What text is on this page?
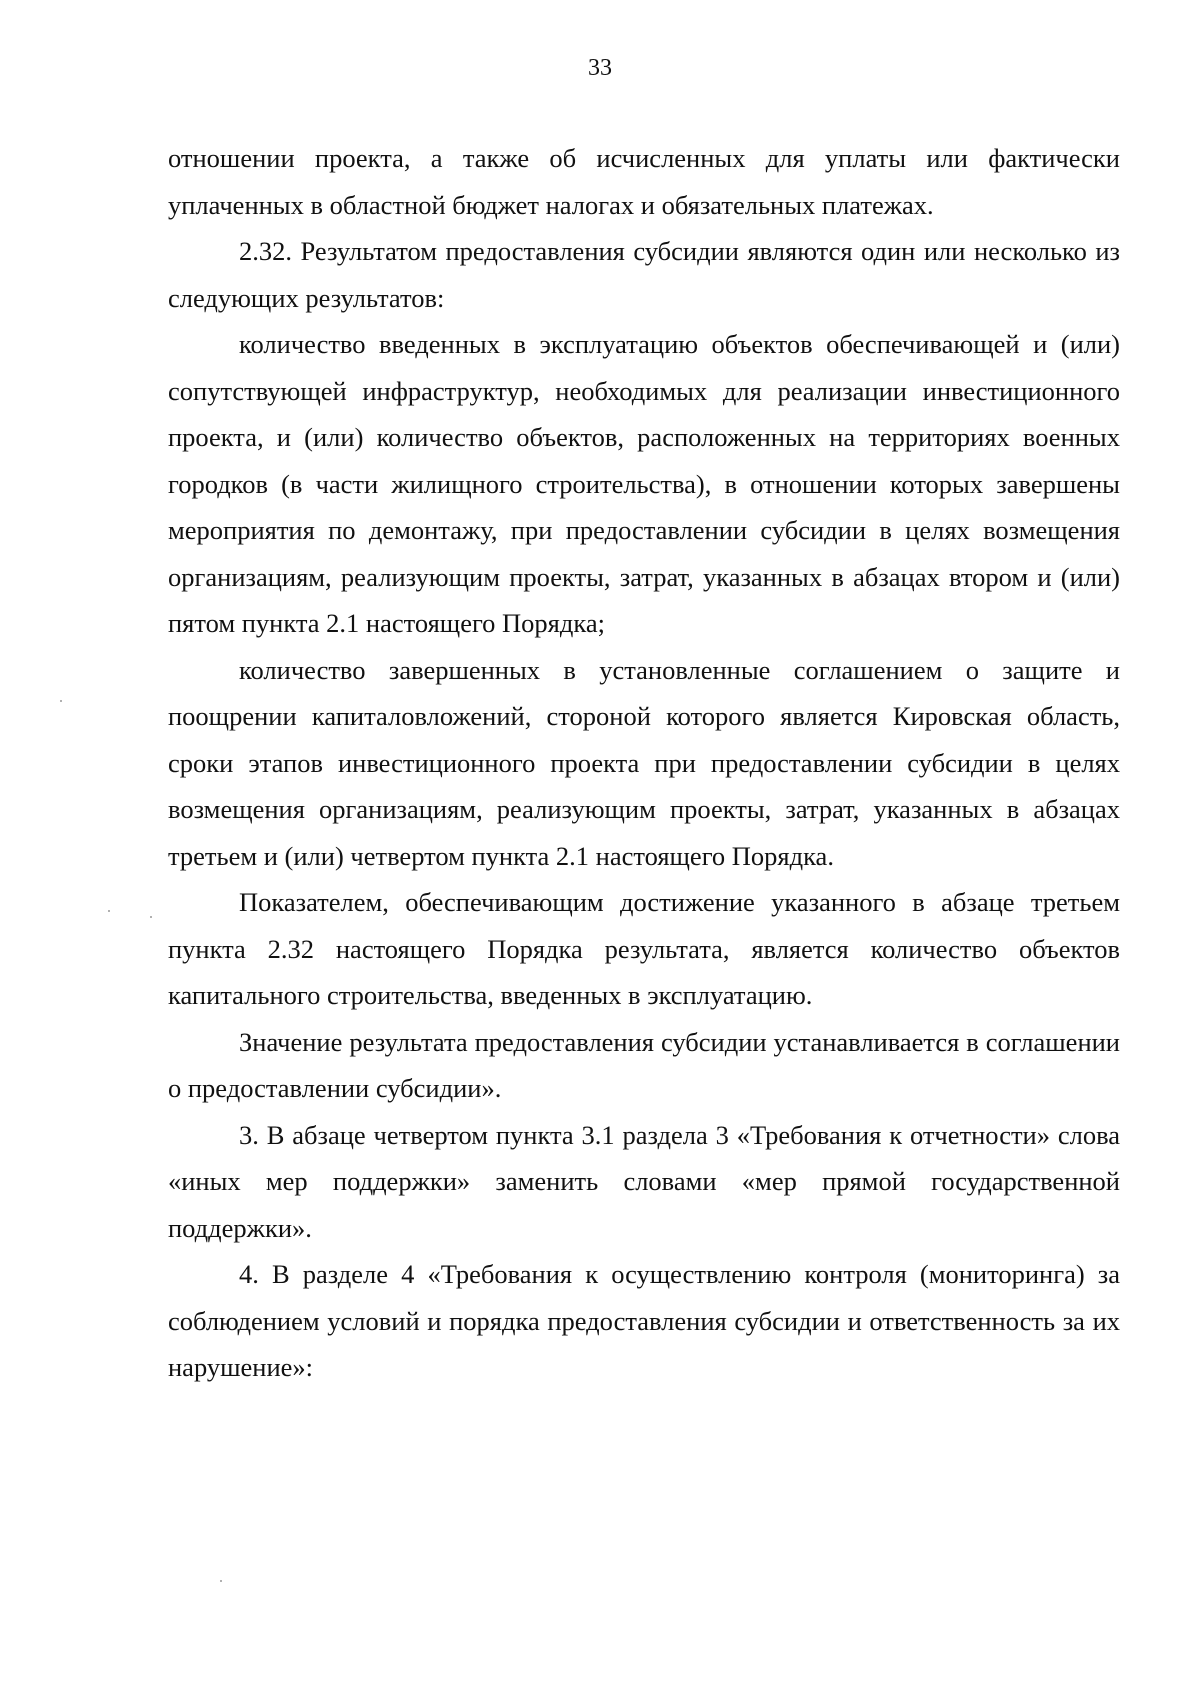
33

отношении проекта, а также об исчисленных для уплаты или фактически уплаченных в областной бюджет налогах и обязательных платежах.

2.32. Результатом предоставления субсидии являются один или несколько из следующих результатов:

количество введенных в эксплуатацию объектов обеспечивающей и (или) сопутствующей инфраструктур, необходимых для реализации инвестиционного проекта, и (или) количество объектов, расположенных на территориях военных городков (в части жилищного строительства), в отношении которых завершены мероприятия по демонтажу, при предоставлении субсидии в целях возмещения организациям, реализующим проекты, затрат, указанных в абзацах втором и (или) пятом пункта 2.1 настоящего Порядка;

количество завершенных в установленные соглашением о защите и поощрении капиталовложений, стороной которого является Кировская область, сроки этапов инвестиционного проекта при предоставлении субсидии в целях возмещения организациям, реализующим проекты, затрат, указанных в абзацах третьем и (или) четвертом пункта 2.1 настоящего Порядка.

Показателем, обеспечивающим достижение указанного в абзаце третьем пункта 2.32 настоящего Порядка результата, является количество объектов капитального строительства, введенных в эксплуатацию.

Значение результата предоставления субсидии устанавливается в соглашении о предоставлении субсидии».

3. В абзаце четвертом пункта 3.1 раздела 3 «Требования к отчетности» слова «иных мер поддержки» заменить словами «мер прямой государственной поддержки».

4. В разделе 4 «Требования к осуществлению контроля (мониторинга) за соблюдением условий и порядка предоставления субсидии и ответственность за их нарушение»:
